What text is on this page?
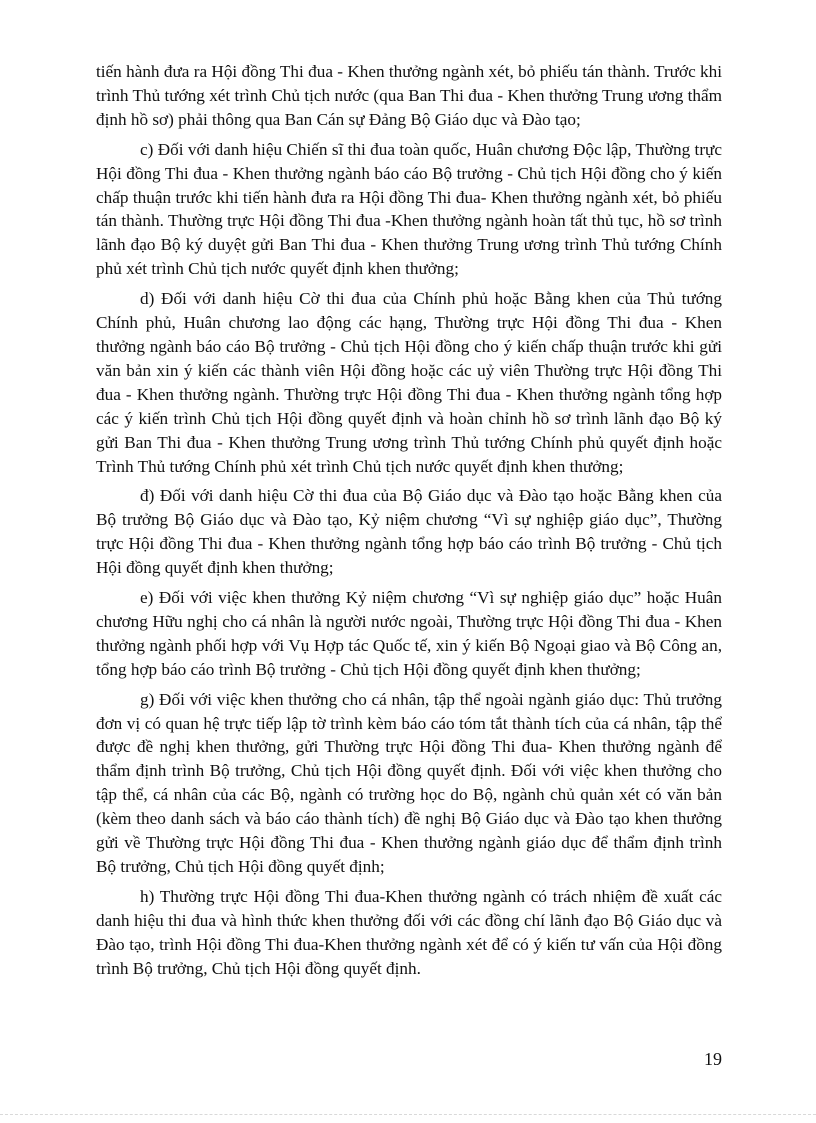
tiến hành đưa ra Hội đồng Thi đua - Khen thưởng ngành xét, bỏ phiếu tán thành. Trước khi trình Thủ tướng xét trình Chủ tịch nước (qua Ban Thi đua - Khen thưởng Trung ương thẩm định hồ sơ) phải thông qua Ban Cán sự Đảng Bộ Giáo dục và Đào tạo;

c) Đối với danh hiệu Chiến sĩ thi đua toàn quốc, Huân chương Độc lập, Thường trực Hội đồng Thi đua - Khen thưởng ngành báo cáo Bộ trưởng - Chủ tịch Hội đồng cho ý kiến chấp thuận trước khi tiến hành đưa ra Hội đồng Thi đua- Khen thưởng ngành xét, bỏ phiếu tán thành. Thường trực Hội đồng Thi đua -Khen thưởng ngành hoàn tất thủ tục, hồ sơ trình lãnh đạo Bộ ký duyệt gửi Ban Thi đua - Khen thưởng Trung ương trình Thủ tướng Chính phủ xét trình Chủ tịch nước quyết định khen thưởng;

d) Đối với danh hiệu Cờ thi đua của Chính phủ hoặc Bằng khen của Thủ tướng Chính phủ, Huân chương lao động các hạng, Thường trực Hội đồng Thi đua - Khen thưởng ngành báo cáo Bộ trưởng - Chủ tịch Hội đồng cho ý kiến chấp thuận trước khi gửi văn bản xin ý kiến các thành viên Hội đồng hoặc các uỷ viên Thường trực Hội đồng Thi đua - Khen thưởng ngành. Thường trực Hội đồng Thi đua - Khen thưởng ngành tổng hợp các ý kiến trình Chủ tịch Hội đồng quyết định và hoàn chỉnh hồ sơ trình lãnh đạo Bộ ký gửi Ban Thi đua - Khen thưởng Trung ương trình Thủ tướng Chính phủ quyết định hoặc Trình Thủ tướng Chính phủ xét trình Chủ tịch nước quyết định khen thưởng;

đ) Đối với danh hiệu Cờ thi đua của Bộ Giáo dục và Đào tạo hoặc Bằng khen của Bộ trưởng Bộ Giáo dục và Đào tạo, Kỷ niệm chương “Vì sự nghiệp giáo dục”, Thường trực Hội đồng Thi đua - Khen thưởng ngành tổng hợp báo cáo trình Bộ trưởng - Chủ tịch Hội đồng quyết định khen thưởng;

e) Đối với việc khen thưởng Kỷ niệm chương “Vì sự nghiệp giáo dục” hoặc Huân chương Hữu nghị cho cá nhân là người nước ngoài, Thường trực Hội đồng Thi đua - Khen thưởng ngành phối hợp với Vụ Hợp tác Quốc tế, xin ý kiến Bộ Ngoại giao và Bộ Công an, tổng hợp báo cáo trình Bộ trưởng - Chủ tịch Hội đồng quyết định khen thưởng;

g) Đối với việc khen thưởng cho cá nhân, tập thể ngoài ngành giáo dục: Thủ trưởng đơn vị có quan hệ trực tiếp lập tờ trình kèm báo cáo tóm tắt thành tích của cá nhân, tập thể được đề nghị khen thưởng, gửi Thường trực Hội đồng Thi đua- Khen thưởng ngành để thẩm định trình Bộ trưởng, Chủ tịch Hội đồng quyết định. Đối với việc khen thưởng cho tập thể, cá nhân của các Bộ, ngành có trường học do Bộ, ngành chủ quản xét có văn bản (kèm theo danh sách và báo cáo thành tích) đề nghị Bộ Giáo dục và Đào tạo khen thưởng gửi về Thường trực Hội đồng Thi đua - Khen thưởng ngành giáo dục để thẩm định trình Bộ trưởng, Chủ tịch Hội đồng quyết định;

h) Thường trực Hội đồng Thi đua-Khen thưởng ngành có trách nhiệm đề xuất các danh hiệu thi đua và hình thức khen thưởng đối với các đồng chí lãnh đạo Bộ Giáo dục và Đào tạo, trình Hội đồng Thi đua-Khen thưởng ngành xét để có ý kiến tư vấn của Hội đồng trình Bộ trưởng, Chủ tịch Hội đồng quyết định.

19
